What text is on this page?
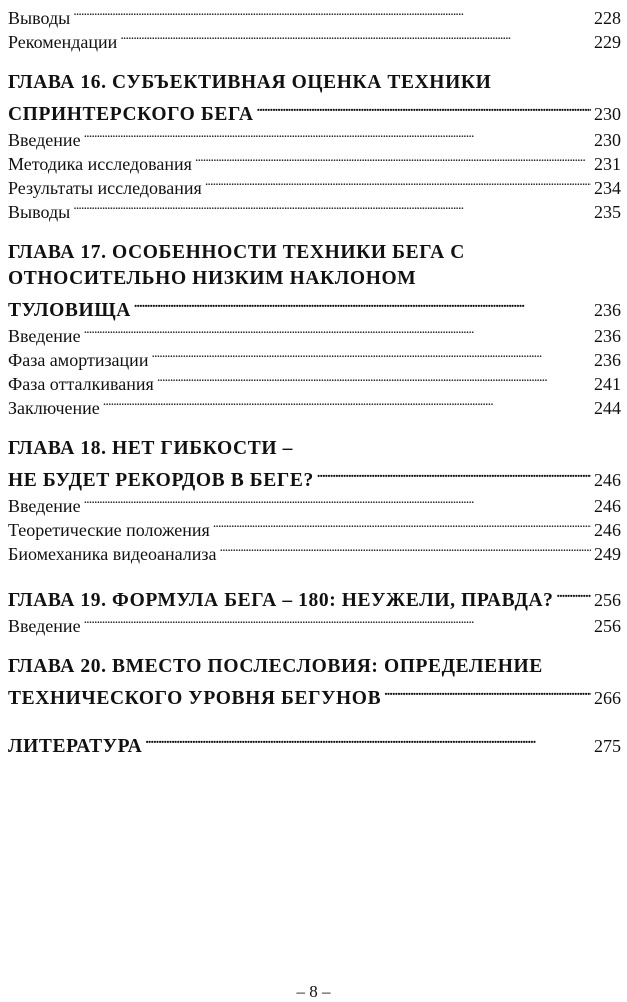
Выводы . . .	228
Рекомендации . . .	229
ГЛАВА 16. СУБЪЕКТИВНАЯ ОЦЕНКА ТЕХНИКИ
СПРИНТЕРСКОГО БЕГА . . .	230
Введение . . .	230
Методика исследования . . .	231
Результаты исследования . . .	234
Выводы . . .	235
ГЛАВА 17. ОСОБЕННОСТИ ТЕХНИКИ БЕГА С
ОТНОСИТЕЛЬНО НИЗКИМ НАКЛОНОМ
ТУЛОВИЩА . . .	236
Введение . . .	236
Фаза амортизации . . .	236
Фаза отталкивания . . .	241
Заключение . . .	244
ГЛАВА 18. НЕТ ГИБКОСТИ –
НЕ БУДЕТ РЕКОРДОВ В БЕГЕ? . . .	246
Введение . . .	246
Теоретические положения . . .	246
Биомеханика видеоанализа . . .	249
ГЛАВА 19. ФОРМУЛА БЕГА – 180: НЕУЖЕЛИ, ПРАВДА? . . . 256
Введение . . .	256
ГЛАВА 20. ВМЕСТО ПОСЛЕСЛОВИЯ: ОПРЕДЕЛЕНИЕ
ТЕХНИЧЕСКОГО УРОВНЯ БЕГУНОВ . . .	266
ЛИТЕРАТУРА . . .	275
– 8 –
